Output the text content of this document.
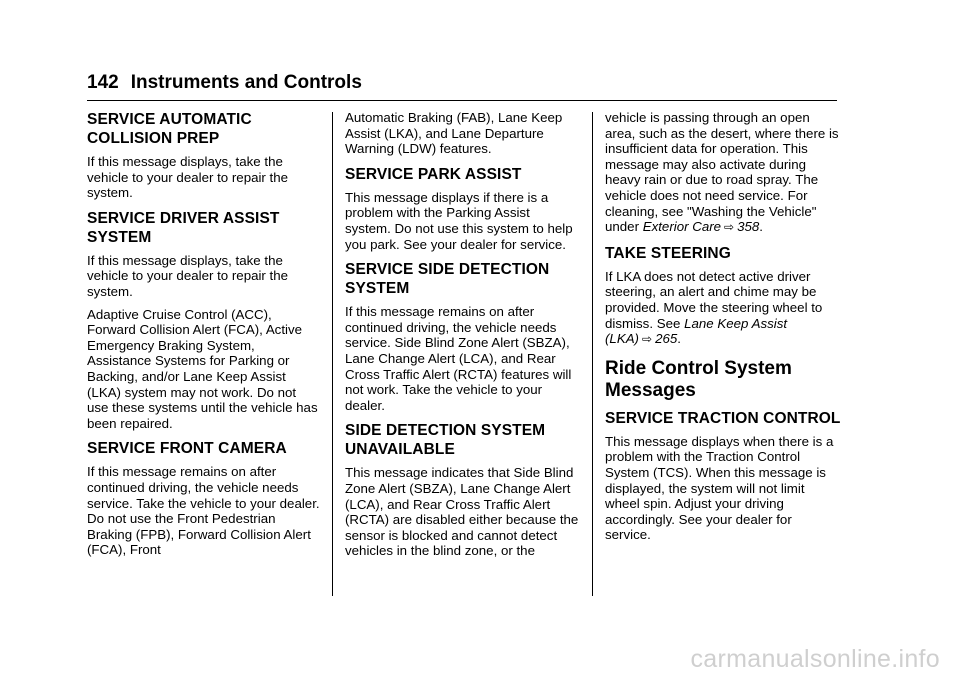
142 Instruments and Controls
SERVICE AUTOMATIC COLLISION PREP

If this message displays, take the vehicle to your dealer to repair the system.

SERVICE DRIVER ASSIST SYSTEM

If this message displays, take the vehicle to your dealer to repair the system.

Adaptive Cruise Control (ACC), Forward Collision Alert (FCA), Active Emergency Braking System, Assistance Systems for Parking or Backing, and/or Lane Keep Assist (LKA) system may not work. Do not use these systems until the vehicle has been repaired.

SERVICE FRONT CAMERA

If this message remains on after continued driving, the vehicle needs service. Take the vehicle to your dealer. Do not use the Front Pedestrian Braking (FPB), Forward Collision Alert (FCA), Front

Automatic Braking (FAB), Lane Keep Assist (LKA), and Lane Departure Warning (LDW) features.

SERVICE PARK ASSIST

This message displays if there is a problem with the Parking Assist system. Do not use this system to help you park. See your dealer for service.

SERVICE SIDE DETECTION SYSTEM

If this message remains on after continued driving, the vehicle needs service. Side Blind Zone Alert (SBZA), Lane Change Alert (LCA), and Rear Cross Traffic Alert (RCTA) features will not work. Take the vehicle to your dealer.

SIDE DETECTION SYSTEM UNAVAILABLE

This message indicates that Side Blind Zone Alert (SBZA), Lane Change Alert (LCA), and Rear Cross Traffic Alert (RCTA) are disabled either because the sensor is blocked and cannot detect vehicles in the blind zone, or the

vehicle is passing through an open area, such as the desert, where there is insufficient data for operation. This message may also activate during heavy rain or due to road spray. The vehicle does not need service. For cleaning, see "Washing the Vehicle" under Exterior Care ⇨ 358.

TAKE STEERING

If LKA does not detect active driver steering, an alert and chime may be provided. Move the steering wheel to dismiss. See Lane Keep Assist (LKA) ⇨ 265.

Ride Control System Messages
SERVICE TRACTION CONTROL

This message displays when there is a problem with the Traction Control System (TCS). When this message is displayed, the system will not limit wheel spin. Adjust your driving accordingly. See your dealer for service.

carmanualsonline.info
